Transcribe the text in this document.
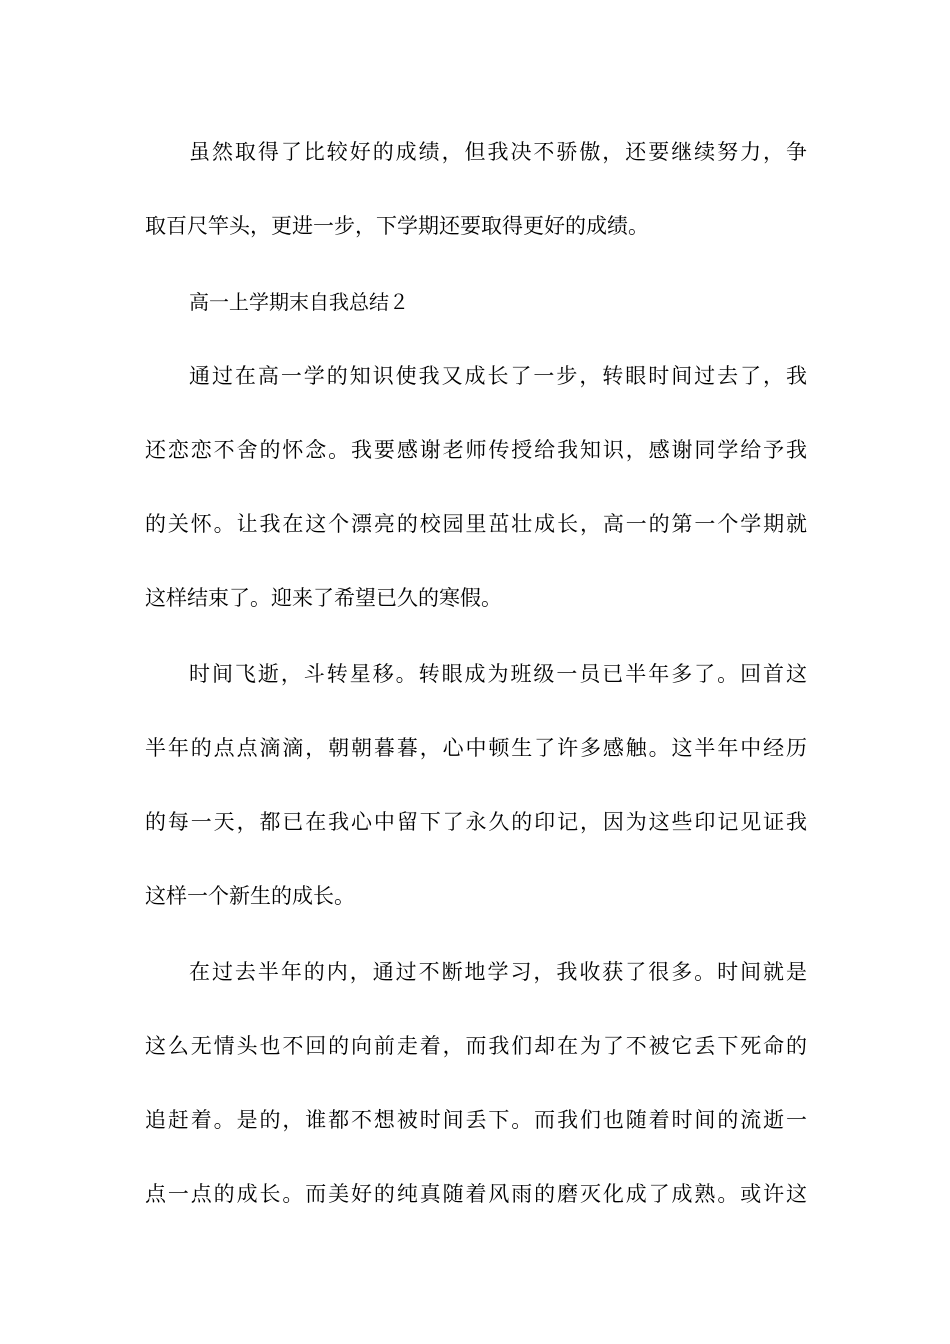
虽然取得了比较好的成绩，但我决不骄傲，还要继续努力，争
取百尺竿头，更进一步，下学期还要取得更好的成绩。
高一上学期末自我总结２
通过在高一学的知识使我又成长了一步，转眼时间过去了，我
还恋恋不舍的怀念。我要感谢老师传授给我知识，感谢同学给予我
的关怀。让我在这个漂亮的校园里茁壮成长，高一的第一个学期就
这样结束了。迎来了希望已久的寒假。
时间飞逝，斗转星移。转眼成为班级一员已半年多了。回首这
半年的点点滴滴，朝朝暮暮，心中顿生了许多感触。这半年中经历
的每一天，都已在我心中留下了永久的印记，因为这些印记见证我
这样一个新生的成长。
在过去半年的内，通过不断地学习，我收获了很多。时间就是
这么无情头也不回的向前走着，而我们却在为了不被它丢下死命的
追赶着。是的，谁都不想被时间丢下。而我们也随着时间的流逝一
点一点的成长。而美好的纯真随着风雨的磨灭化成了成熟。或许这
